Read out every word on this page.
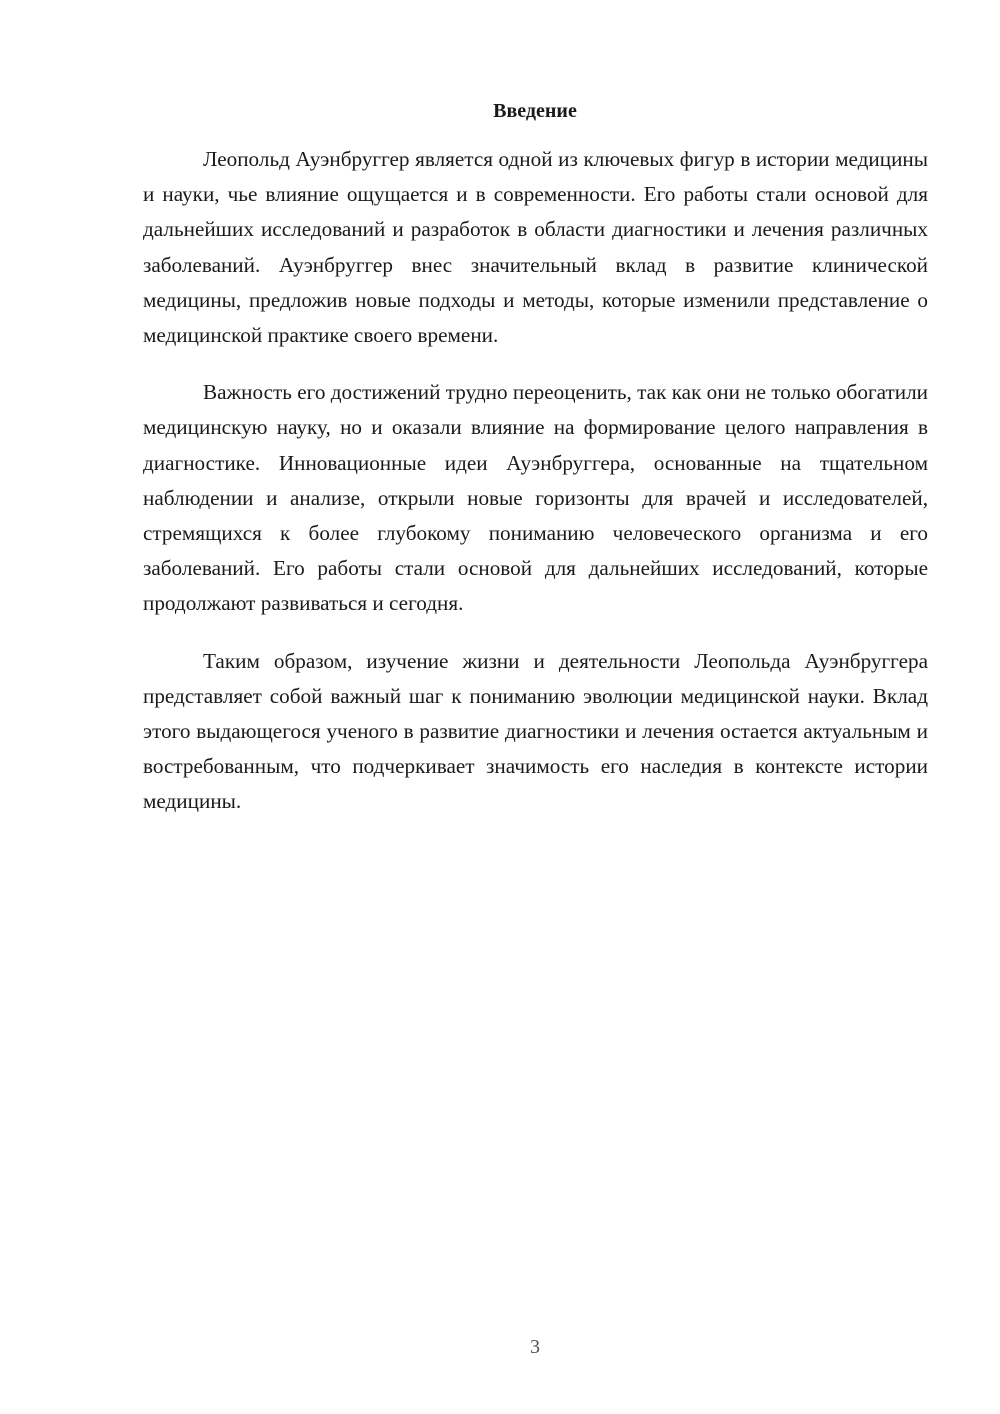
Введение

Леопольд Ауэнбруггер является одной из ключевых фигур в истории медицины и науки, чье влияние ощущается и в современности. Его работы стали основой для дальнейших исследований и разработок в области диагностики и лечения различных заболеваний. Ауэнбруггер внес значительный вклад в развитие клинической медицины, предложив новые подходы и методы, которые изменили представление о медицинской практике своего времени.

Важность его достижений трудно переоценить, так как они не только обогатили медицинскую науку, но и оказали влияние на формирование целого направления в диагностике. Инновационные идеи Ауэнбруггера, основанные на тщательном наблюдении и анализе, открыли новые горизонты для врачей и исследователей, стремящихся к более глубокому пониманию человеческого организма и его заболеваний. Его работы стали основой для дальнейших исследований, которые продолжают развиваться и сегодня.

Таким образом, изучение жизни и деятельности Леопольда Ауэнбруггера представляет собой важный шаг к пониманию эволюции медицинской науки. Вклад этого выдающегося ученого в развитие диагностики и лечения остается актуальным и востребованным, что подчеркивает значимость его наследия в контексте истории медицины.

3
